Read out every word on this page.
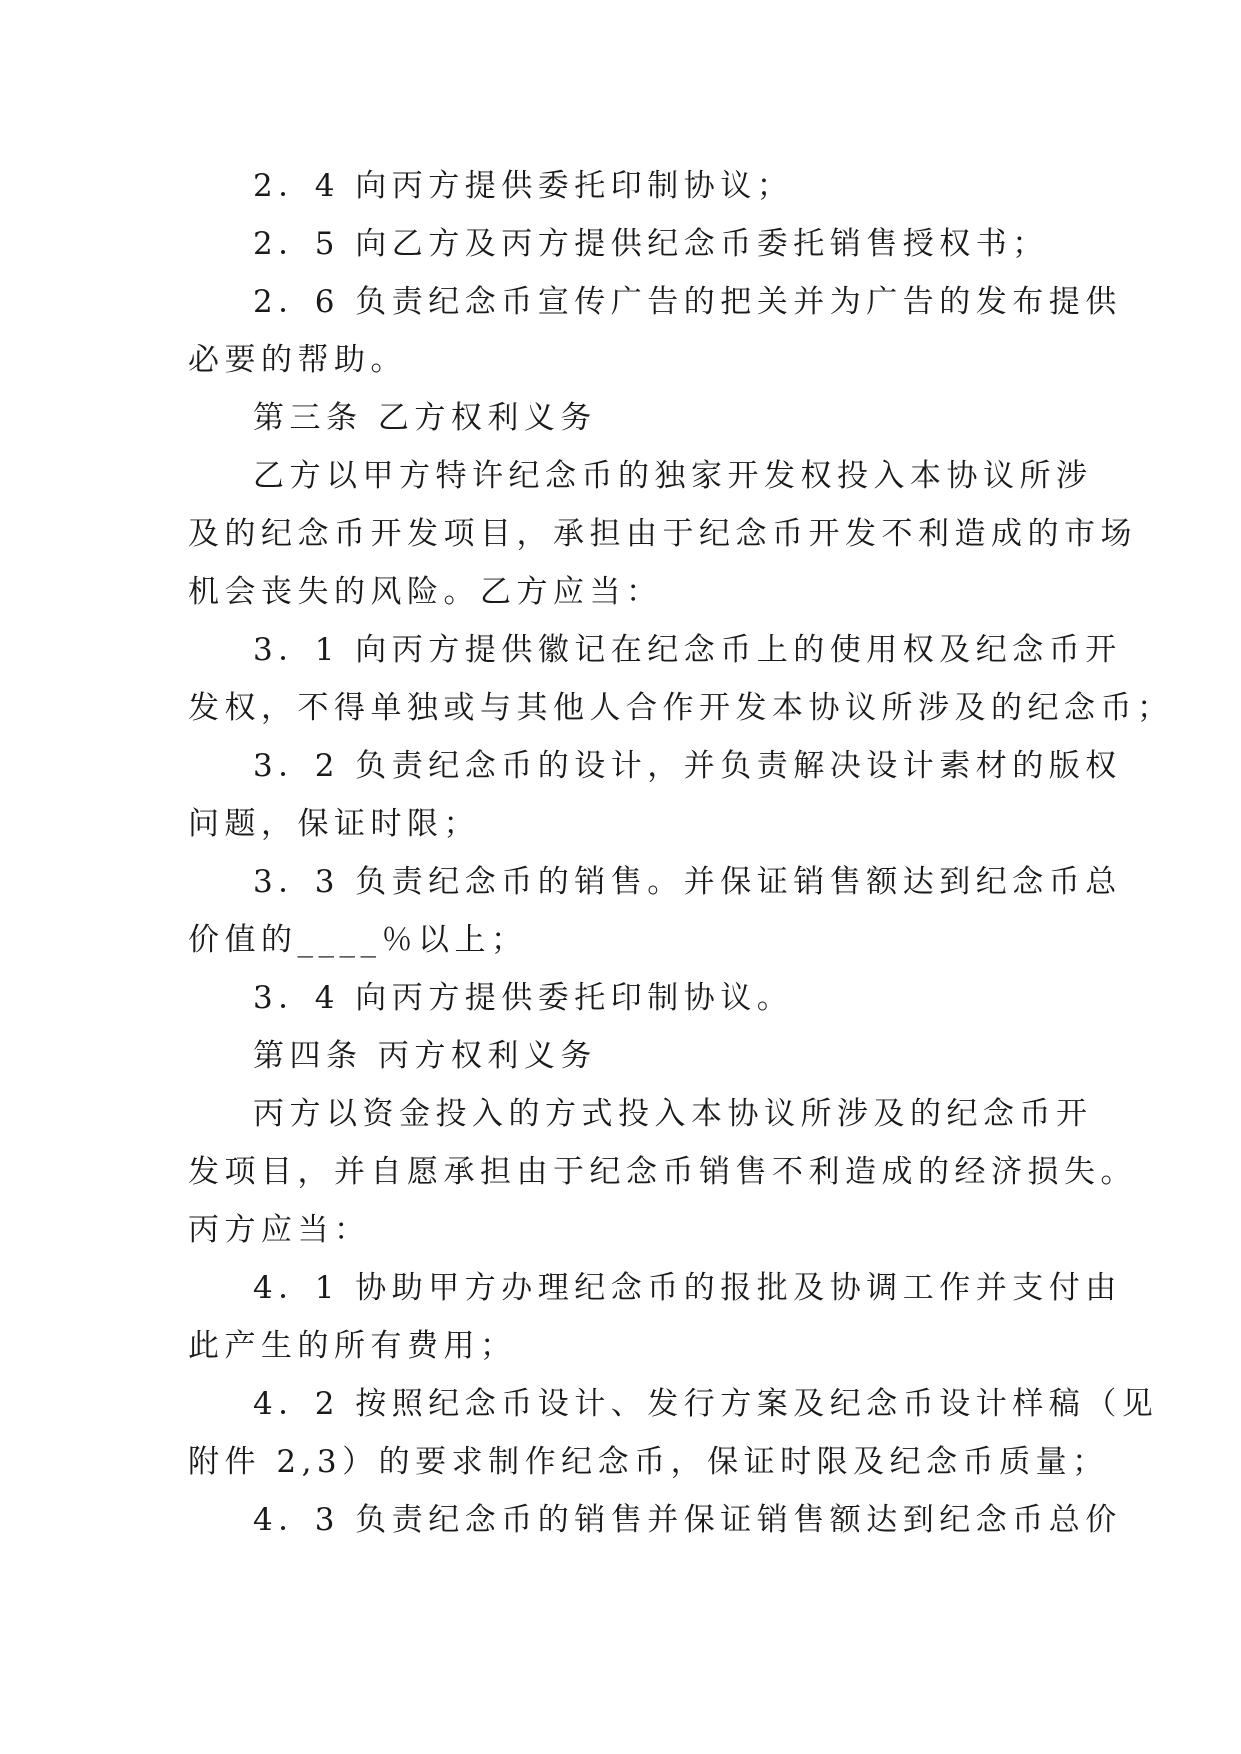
2．4 向丙方提供委托印制协议；
2．5 向乙方及丙方提供纪念币委托销售授权书；
2．6 负责纪念币宣传广告的把关并为广告的发布提供
必要的帮助。
第三条 乙方权利义务
乙方以甲方特许纪念币的独家开发权投入本协议所涉
及的纪念币开发项目，承担由于纪念币开发不利造成的市场
机会丧失的风险。乙方应当：
3．1 向丙方提供徽记在纪念币上的使用权及纪念币开
发权，不得单独或与其他人合作开发本协议所涉及的纪念币；
3．2 负责纪念币的设计，并负责解决设计素材的版权
问题，保证时限；
3．3 负责纪念币的销售。并保证销售额达到纪念币总
价值的____％以上；
3．4 向丙方提供委托印制协议。
第四条 丙方权利义务
丙方以资金投入的方式投入本协议所涉及的纪念币开
发项目，并自愿承担由于纪念币销售不利造成的经济损失。
丙方应当：
4．1 协助甲方办理纪念币的报批及协调工作并支付由
此产生的所有费用；
4．2 按照纪念币设计、发行方案及纪念币设计样稿（见
附件 2,3）的要求制作纪念币，保证时限及纪念币质量；
4．3 负责纪念币的销售并保证销售额达到纪念币总价
